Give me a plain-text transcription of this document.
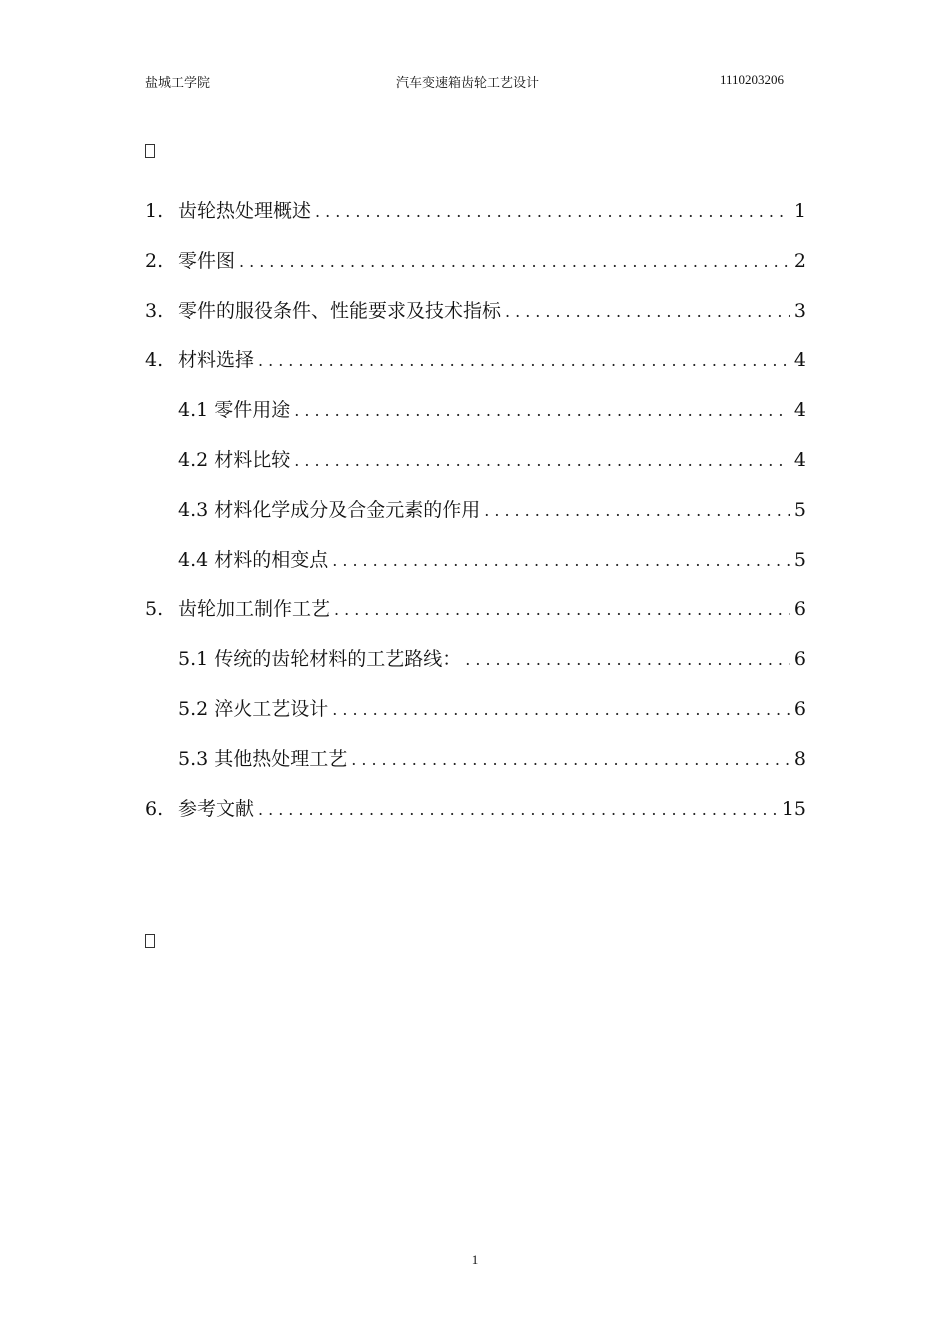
盐城工学院	汽车变速箱齿轮工艺设计	1110203206
1. 齿轮热处理概述 .....	1
2. 零件图 .....	2
3. 零件的服役条件、性能要求及技术指标 .....	3
4. 材料选择 .....	4
4.1 零件用途 .....	4
4.2 材料比较 .....	4
4.3 材料化学成分及合金元素的作用 .....	5
4.4 材料的相变点 .....	5
5. 齿轮加工制作工艺 .....	6
5.1 传统的齿轮材料的工艺路线： .....	6
5.2 淬火工艺设计 .....	6
5.3 其他热处理工艺 .....	8
6. 参考文献 .....	15
1
